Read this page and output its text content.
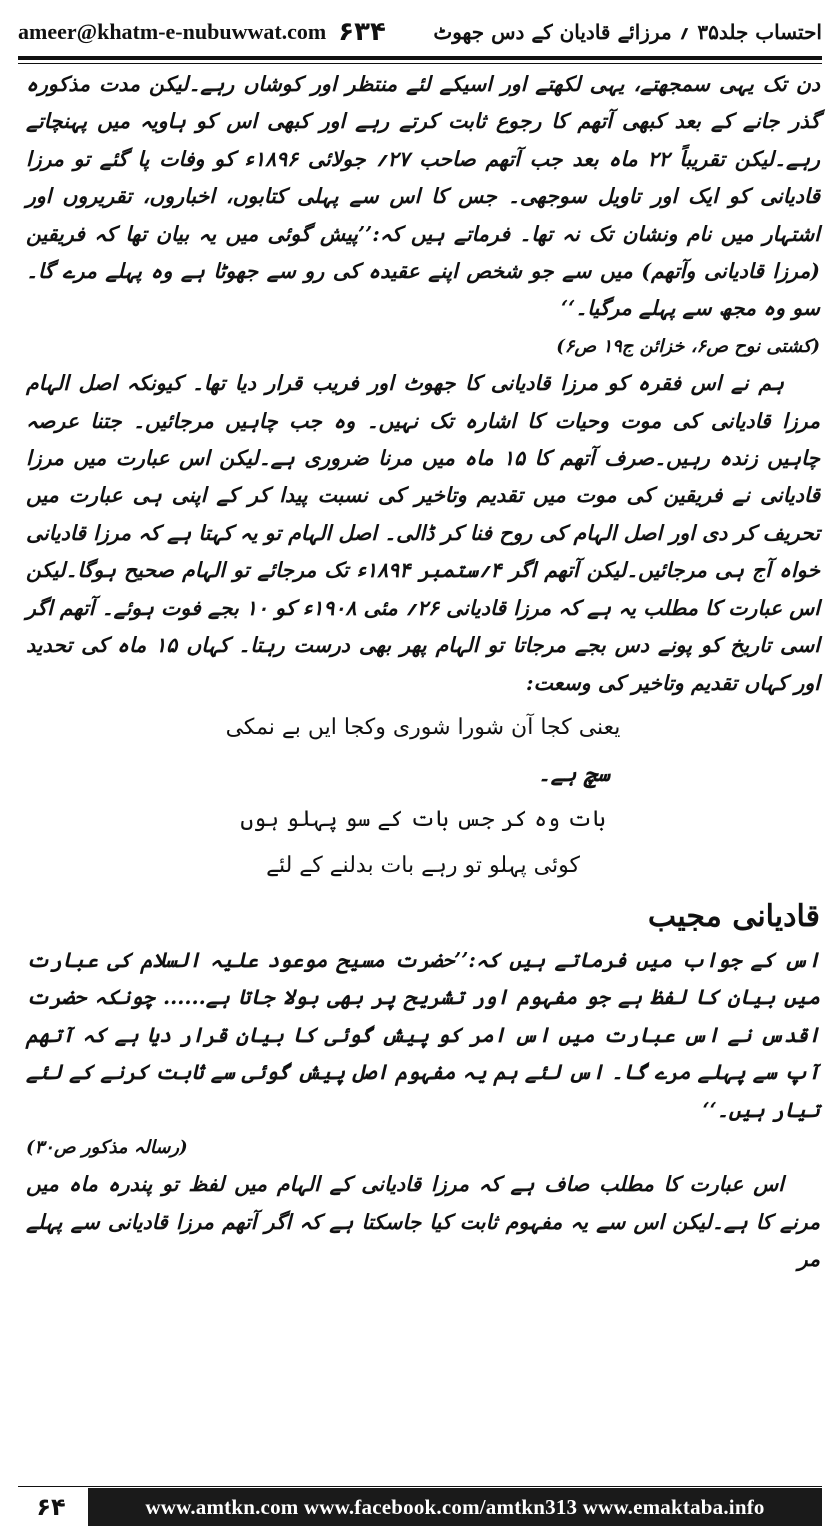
ameer@khatm-e-nubuwwat.com ۶۳۴ احتساب جلد۳۵ ؍ مرزائے قادیان کے دس جھوٹ

دن تک یہی سمجھتے، یہی لکھتے اور اسیکے لئے منتظر اور کوشاں رہے۔لیکن مدت مذکورہ گذر جانے کے بعد کبھی آتھم کا رجوع ثابت کرتے رہے اور کبھی اس کو ہاویہ میں پہنچاتے رہے۔لیکن تقریباً ۲۲ ماہ بعد جب آتھم صاحب ۲۷؍ جولائی ۱۸۹۶ء کو وفات پا گئے تو مرزا قادیانی کو ایک اور تاویل سوجھی۔ جس کا اس سے پہلی کتابوں، اخباروں، تقریروں اور اشتہار میں نام ونشان تک نہ تھا۔ فرماتے ہیں کہ:’’پیش گوئی میں یہ بیان تھا کہ فریقین (مرزا قادیانی وآتھم) میں سے جو شخص اپنے عقیدہ کی رو سے جھوٹا ہے وہ پہلے مرے گا۔ سو وہ مجھ سے پہلے مرگیا۔‘‘

(کشتی نوح ص۶، خزائن ج۱۹ ص۶)

ہم نے اس فقرہ کو مرزا قادیانی کا جھوٹ اور فریب قرار دیا تھا۔ کیونکہ اصل الہام مرزا قادیانی کی موت وحیات کا اشارہ تک نہیں۔ وہ جب چاہیں مرجائیں۔ جتنا عرصہ چاہیں زندہ رہیں۔صرف آتھم کا ۱۵ ماہ میں مرنا ضروری ہے۔لیکن اس عبارت میں مرزا قادیانی نے فریقین کی موت میں تقدیم وتاخیر کی نسبت پیدا کر کے اپنی ہی عبارت میں تحریف کر دی اور اصل الہام کی روح فنا کر ڈالی۔ اصل الہام تو یہ کہتا ہے کہ مرزا قادیانی خواہ آج ہی مرجائیں۔لیکن آتھم اگر ۴؍ستمبر ۱۸۹۴ء تک مرجائے تو الہام صحیح ہوگا۔لیکن اس عبارت کا مطلب یہ ہے کہ مرزا قادیانی ۲۶؍ مئی ۱۹۰۸ء کو ۱۰ بجے فوت ہوئے۔ آتھم اگر اسی تاریخ کو پونے دس بجے مرجاتا تو الہام پھر بھی درست رہتا۔ کہاں ۱۵ ماہ کی تحدید اور کہاں تقدیم وتاخیر کی وسعت:

یعنی کجا آن شورا شوری وکجا ایں بے نمکی

سچ ہے۔

بات وہ کر جس بات کے سو پہلو ہوں

کوئی پہلو تو رہے بات بدلنے کے لئے

قادیانی مجیب

اس کے جواب میں فرماتے ہیں کہ:’’حضرت مسیح موعود علیہ السلام کی عبارت میں بیان کا لفظ ہے جو مفہوم اور تشریح پر بھی بولا جاتا ہے...... چونکہ حضرت اقدس نے اس عبارت میں اس امر کو پیش گوئی کا بیان قرار دیا ہے کہ آتھم آپ سے پہلے مرے گا۔ اس لئے ہم یہ مفہوم اصل پیش گوئی سے ثابت کرنے کے لئے تیار ہیں۔‘‘

(رسالہ مذکور ص۳۰)

اس عبارت کا مطلب صاف ہے کہ مرزا قادیانی کے الہام میں لفظ تو پندرہ ماہ میں مرنے کا ہے۔لیکن اس سے یہ مفہوم ثابت کیا جاسکتا ہے کہ اگر آتھم مرزا قادیانی سے پہلے مر

۶۴	www.amtkn.com www.facebook.com/amtkn313 www.emaktaba.info
